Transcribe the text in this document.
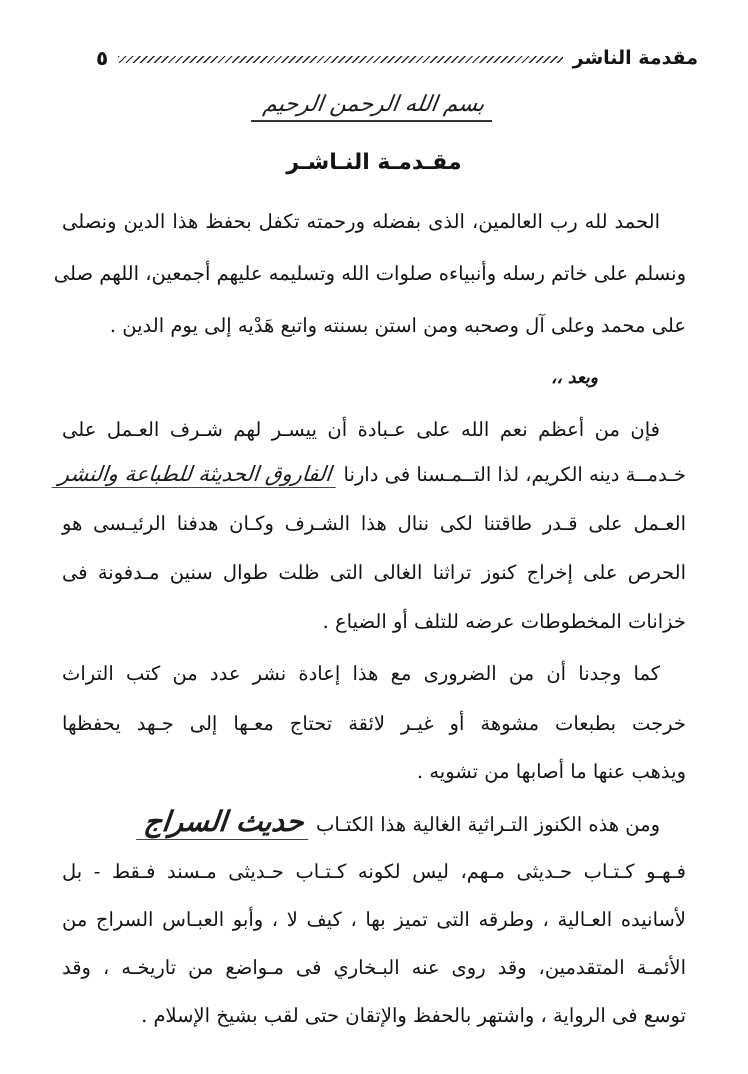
مقدمة الناشر
٥
بسم الله الرحمن الرحيم
مقـدمـة النـاشـر
الحمد لله رب العالمين، الذى بفضله ورحمته تكفل بحفظ هذا الدين ونصلى
ونسلم على خاتم رسله وأنبياءه صلوات الله وتسليمه عليهم أجمعين، اللهم صلى
على محمد وعلى آل وصحبه ومن استن بسنته واتبع هَدْيه إلى يوم الدين .
وبعد ،،
فإن من أعظم نعم الله على عـبادة أن ييسـر لهم شـرف العـمل على
خـدمــة دينه الكريم، لذا التــمـسنا فى دارنا الفاروق الحديثة للطباعة والنشر
العـمل على قـدر طاقتنا لكى ننال هذا الشـرف وكـان هدفنا الرئيـسى هو
الحرص على إخراج كنوز تراثنا الغالى التى ظلت طوال سنين مـدفونة فى
خزانات المخطوطات عرضه للتلف أو الضياع .
كما وجدنا أن من الضرورى مع هذا إعادة نشر عدد من كتب التراث
خرجت بطبعات مشوهة أو غيـر لائقة تحتاج معـها إلى جـهد يحفظها
ويذهب عنها ما أصابها من تشويه .
ومن هذه الكنوز التـراثية الغالية هذا الكتـاب حديث السراج
فـهـو كـتـاب حـديثى مـهم، ليس لكونه كـتـاب حـديثى مـسند فـقط - بل
لأسانيده العـالية ، وطرقه التى تميز بها ، كيف لا ، وأبو العبـاس السراج من
الأئمـة المتقدمين، وقد روى عنه البـخاري فى مـواضع من تاريخـه ، وقد
توسع فى الرواية ، واشتهر بالحفظ والإتقان حتى لقب بشيخ الإسلام .
